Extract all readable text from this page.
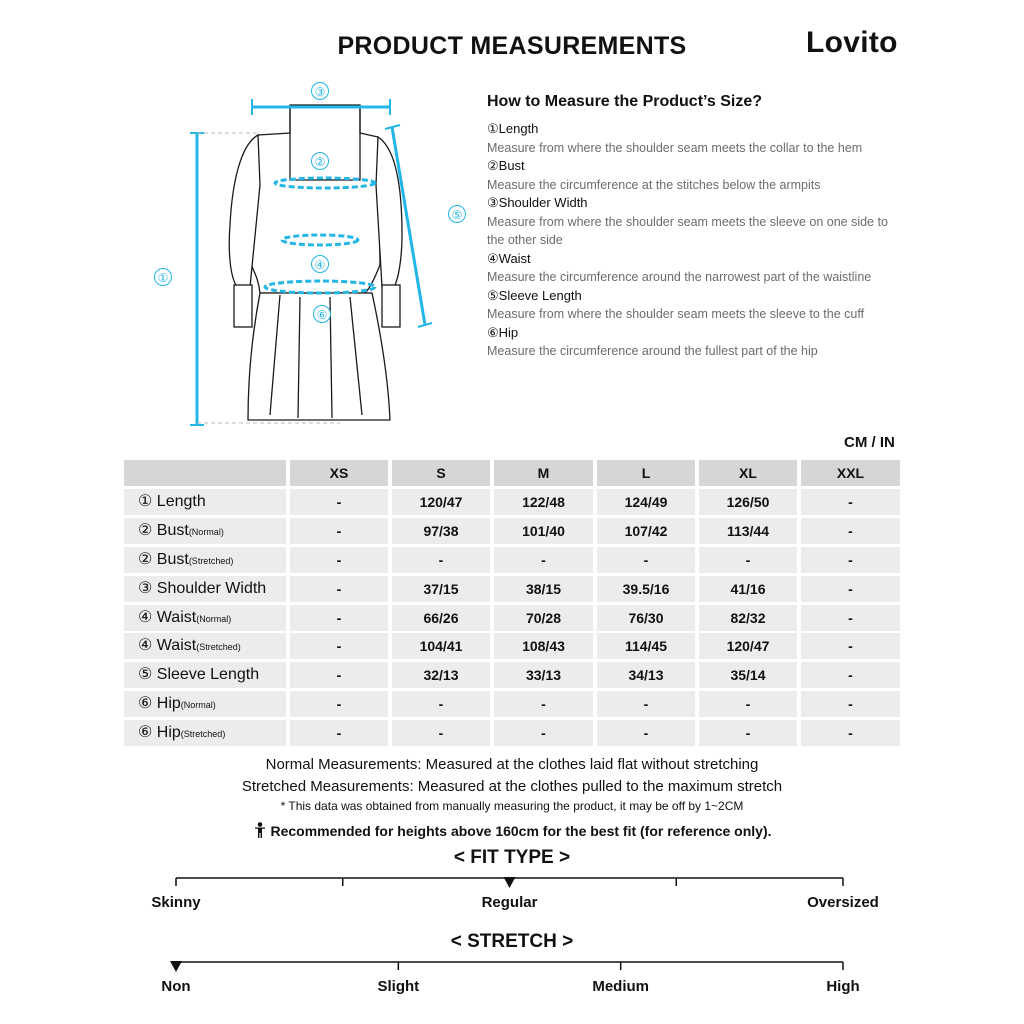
PRODUCT MEASUREMENTS	Lovito
③
②
⑤
①
④
⑥
How to Measure the Product’s Size?
①Length
Measure from where the shoulder seam meets the collar to the hem
②Bust
Measure the circumference at the stitches below the armpits
③Shoulder Width
Measure from where the shoulder seam meets the sleeve on one side to the other side
④Waist
Measure the circumference around the narrowest part of the waistline
⑤Sleeve Length
Measure from where the shoulder seam meets the sleeve to the cuff
⑥Hip
Measure the circumference around the fullest part of the hip
CM / IN
XS	S	M	L	XL	XXL
① Length	-	120/47	122/48	124/49	126/50	-
② Bust(Normal)	-	97/38	101/40	107/42	113/44	-
② Bust(Stretched)	-	-	-	-	-	-
③ Shoulder Width	-	37/15	38/15	39.5/16	41/16	-
④ Waist(Normal)	-	66/26	70/28	76/30	82/32	-
④ Waist(Stretched)	-	104/41	108/43	114/45	120/47	-
⑤ Sleeve Length	-	32/13	33/13	34/13	35/14	-
⑥ Hip(Normal)	-	-	-	-	-	-
⑥ Hip(Stretched)	-	-	-	-	-	-
Normal Measurements: Measured at the clothes laid flat without stretching
Stretched Measurements: Measured at the clothes pulled to the maximum stretch
* This data was obtained from manually measuring the product, it may be off by 1~2CM
Recommended for heights above 160cm for the best fit (for reference only).
< FIT TYPE >
Skinny	Regular	Oversized
< STRETCH >
Non	Slight	Medium	High
